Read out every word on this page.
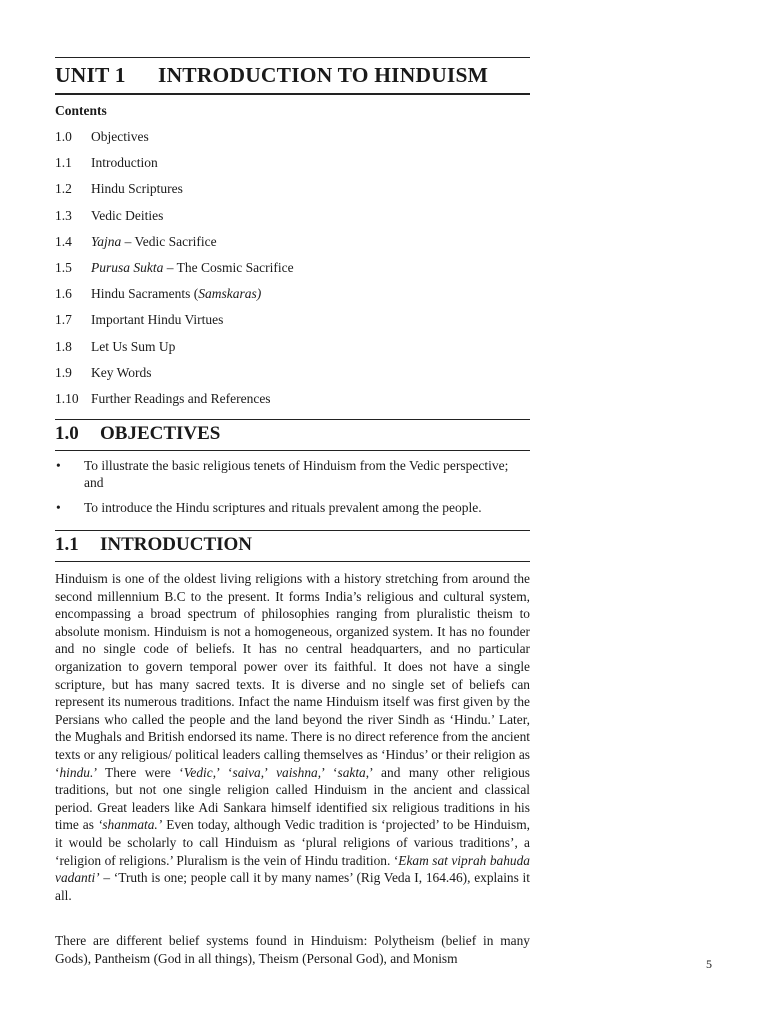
UNIT 1 INTRODUCTION TO HINDUISM
Contents
1.0 Objectives
1.1 Introduction
1.2 Hindu Scriptures
1.3 Vedic Deities
1.4 Yajna – Vedic Sacrifice
1.5 Purusa Sukta – The Cosmic Sacrifice
1.6 Hindu Sacraments (Samskaras)
1.7 Important Hindu Virtues
1.8 Let Us Sum Up
1.9 Key Words
1.10 Further Readings and References
1.0 OBJECTIVES
• To illustrate the basic religious tenets of Hinduism from the Vedic perspective; and
• To introduce the Hindu scriptures and rituals prevalent among the people.
1.1 INTRODUCTION

Hinduism is one of the oldest living religions with a history stretching from around the second millennium B.C to the present. It forms India’s religious and cultural system, encompassing a broad spectrum of philosophies ranging from pluralistic theism to absolute monism. Hinduism is not a homogeneous, organized system. It has no founder and no single code of beliefs. It has no central headquarters, and no particular organization to govern temporal power over its faithful. It does not have a single scripture, but has many sacred texts. It is diverse and no single set of beliefs can represent its numerous traditions. Infact the name Hinduism itself was first given by the Persians who called the people and the land beyond the river Sindh as ‘Hindu.’ Later, the Mughals and British endorsed its name. There is no direct reference from the ancient texts or any religious/ political leaders calling themselves as ‘Hindus’ or their religion as ‘hindu.’ There were ‘Vedic,’ ‘saiva,’ vaishna,’ ‘sakta,’ and many other religious traditions, but not one single religion called Hinduism in the ancient and classical period. Great leaders like Adi Sankara himself identified six religious traditions in his time as ‘shanmata.’ Even today, although Vedic tradition is ‘projected’ to be Hinduism, it would be scholarly to call Hinduism as ‘plural religions of various traditions’, a ‘religion of religions.’ Pluralism is the vein of Hindu tradition. ‘Ekam sat viprah bahuda vadanti’ – ‘Truth is one; people call it by many names’ (Rig Veda I, 164.46), explains it all.

There are different belief systems found in Hinduism: Polytheism (belief in many Gods), Pantheism (God in all things), Theism (Personal God), and Monism	5
